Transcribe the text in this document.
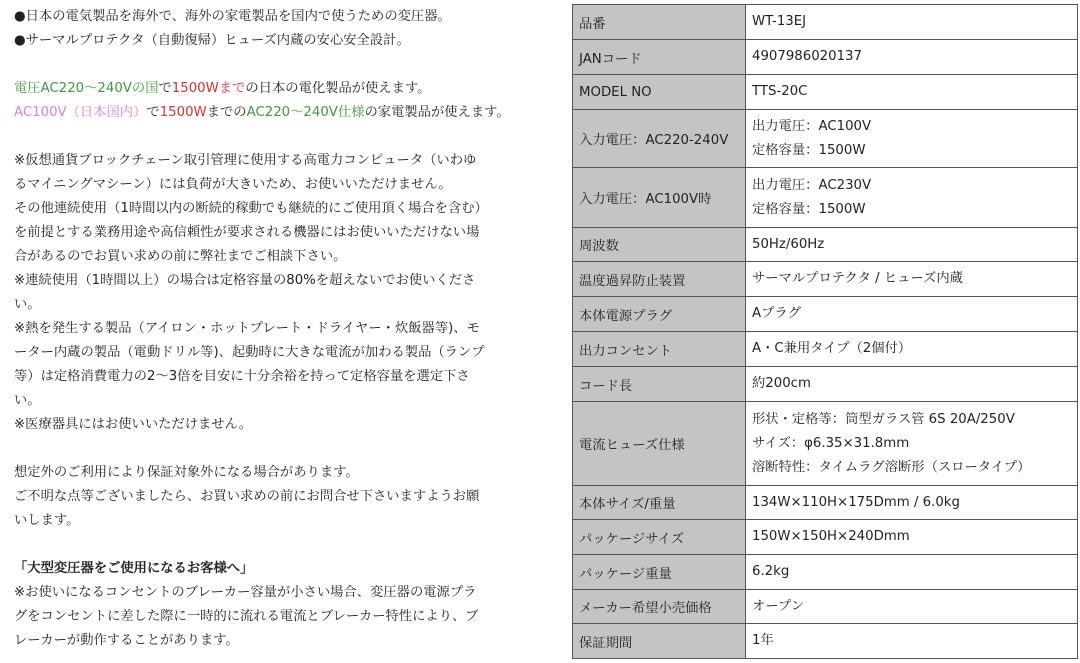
●日本の電気製品を海外で、海外の家電製品を国内で使うための変圧器。
●サーマルプロテクタ（自動復帰）ヒューズ内蔵の安心安全設計。
電圧AC220～240Vの国で1500Wまでの日本の電化製品が使えます。
AC100V（日本国内）で1500WまでのAC220～240V仕様の家電製品が使えます。
※仮想通貨ブロックチェーン取引管理に使用する高電力コンピュータ（いわゆ
るマイニングマシーン）には負荷が大きいため、お使いいただけません。
その他連続使用（1時間以内の断続的稼動でも継続的にご使用頂く場合を含む）
を前提とする業務用途や高信頼性が要求される機器にはお使いいただけない場
合があるのでお買い求めの前に弊社までご相談下さい。
※連続使用（1時間以上）の場合は定格容量の80%を超えないでお使いくださ
い。
※熱を発生する製品（アイロン・ホットプレート・ドライヤー・炊飯器等)、モ
ーター内蔵の製品（電動ドリル等)、起動時に大きな電流が加わる製品（ランプ
等）は定格消費電力の2～3倍を目安に十分余裕を持って定格容量を選定下さ
い。
※医療器具にはお使いいただけません。
想定外のご利用により保証対象外になる場合があります。
ご不明な点等ございましたら、お買い求めの前にお問合せ下さいますようお願
いします。
「大型変圧器をご使用になるお客様へ」
※お使いになるコンセントのブレーカー容量が小さい場合、変圧器の電源プラ
グをコンセントに差した際に一時的に流れる電流とブレーカー特性により、ブ
レーカーが動作することがあります。
品番	WT-13EJ

JANコード	4907986020137

MODEL NO	TTS-20C

入力電圧：AC220-240V	出力電圧：AC100V
定格容量：1500W

入力電圧：AC100V時	出力電圧：AC230V
定格容量：1500W

周波数	50Hz/60Hz

温度過昇防止装置	サーマルプロテクタ / ヒューズ内蔵

本体電源プラグ	Aプラグ

出力コンセント	A・C兼用タイプ（2個付）

コード長	約200cm

電流ヒューズ仕様	形状・定格等：筒型ガラス管 6S 20A/250V
サイズ：φ6.35×31.8mm
溶断特性：タイムラグ溶断形（スロータイプ）

本体サイズ/重量	134W×110H×175Dmm / 6.0kg

パッケージサイズ	150W×150H×240Dmm

パッケージ重量	6.2kg

メーカー希望小売価格	オープン

保証期間	1年
